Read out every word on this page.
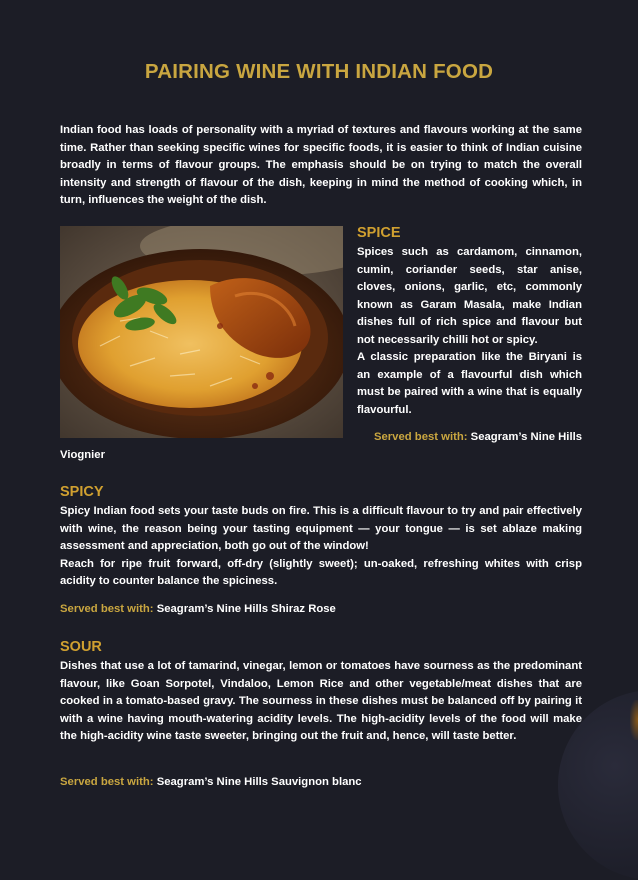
PAIRING WINE WITH INDIAN FOOD
Indian food has loads of personality with a myriad of textures and flavours working at the same time. Rather than seeking specific wines for specific foods, it is easier to think of Indian cuisine broadly in terms of flavour groups. The emphasis should be on trying to match the overall intensity and strength of flavour of the dish, keeping in mind the method of cooking which, in turn, influences the weight of the dish.
SPICE
Spices such as cardamom, cinnamon, cumin, coriander seeds, star anise, cloves, onions, garlic, etc, commonly known as Garam Masala, make Indian dishes full of rich spice and flavour but not necessarily chilli hot or spicy.
A classic preparation like the Biryani is an example of a flavourful dish which must be paired with a wine that is equally flavourful.
Served best with: Seagram’s Nine Hills
Viognier
SPICY
Spicy Indian food sets your taste buds on fire. This is a difficult flavour to try and pair effectively with wine, the reason being your tasting equipment — your tongue — is set ablaze making assessment and appreciation, both go out of the window!
Reach for ripe fruit forward, off-dry (slightly sweet); un-oaked, refreshing whites with crisp acidity to counter balance the spiciness.
Served best with: Seagram’s Nine Hills Shiraz Rose
SOUR
Dishes that use a lot of tamarind, vinegar, lemon or tomatoes have sourness as the predominant flavour, like Goan Sorpotel, Vindaloo, Lemon Rice and other vegetable/meat dishes that are cooked in a tomato-based gravy. The sourness in these dishes must be balanced off by pairing it with a wine having mouth-watering acidity levels. The high-acidity levels of the food will make the high-acidity wine taste sweeter, bringing out the fruit and, hence, will taste better.
Served best with: Seagram’s Nine Hills Sauvignon blanc
